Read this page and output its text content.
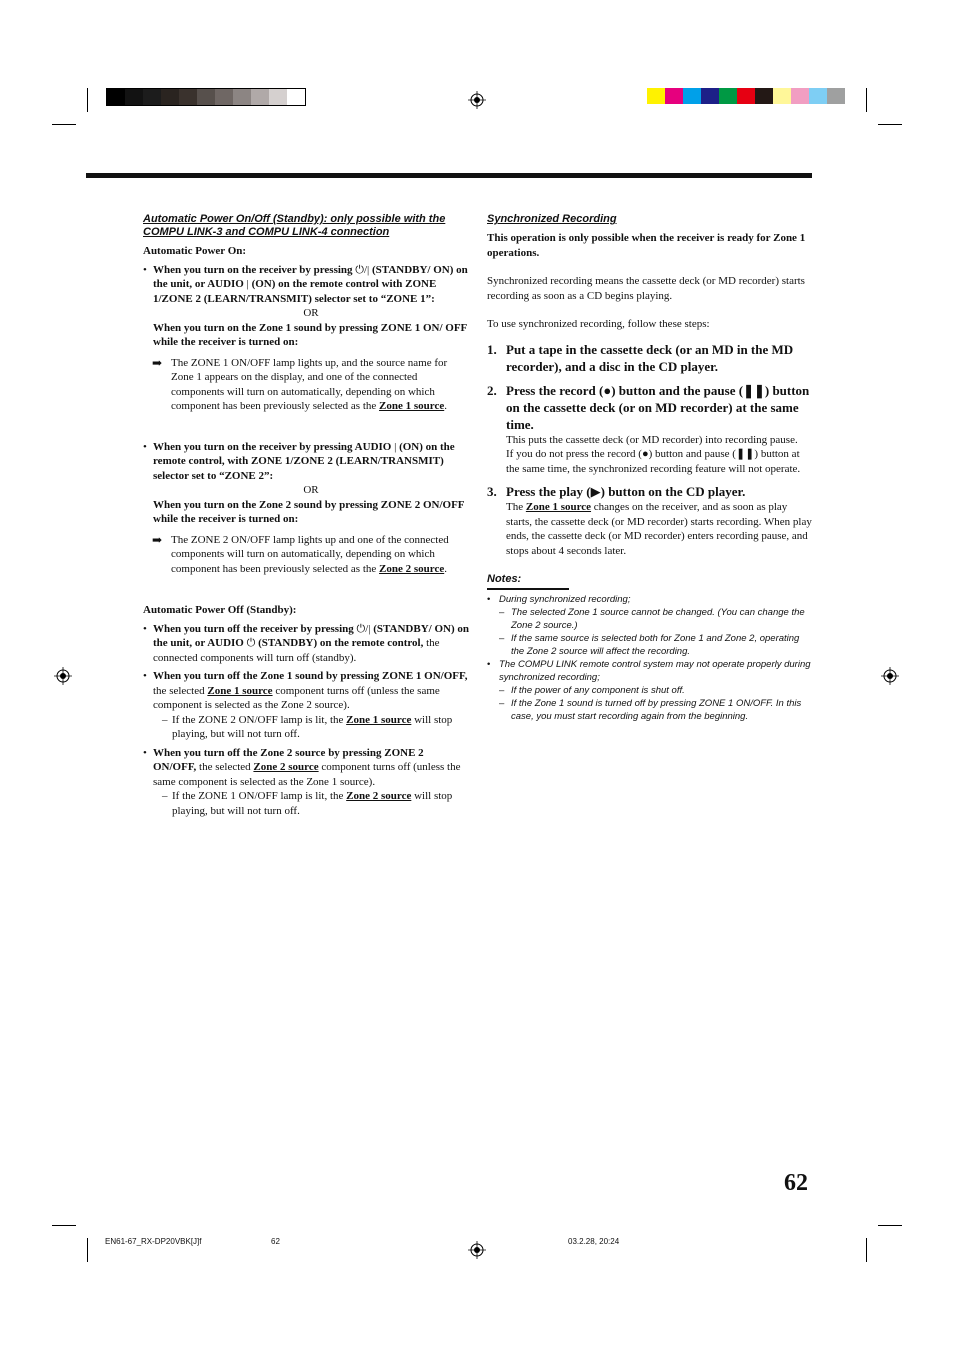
Automatic Power On/Off (Standby): only possible with the COMPU LINK-3 and COMPU LINK-4 connection
Automatic Power On:
• When you turn on the receiver by pressing ⏻/| (STANDBY/ ON) on the unit, or AUDIO | (ON) on the remote control with ZONE 1/ZONE 2 (LEARN/TRANSMIT) selector set to “ZONE 1”:
OR
When you turn on the Zone 1 sound by pressing ZONE 1 ON/ OFF while the receiver is turned on:
➡ The ZONE 1 ON/OFF lamp lights up, and the source name for Zone 1 appears on the display, and one of the connected components will turn on automatically, depending on which component has been previously selected as the Zone 1 source.
• When you turn on the receiver by pressing AUDIO | (ON) on the remote control, with ZONE 1/ZONE 2 (LEARN/TRANSMIT) selector set to “ZONE 2”:
OR
When you turn on the Zone 2 sound by pressing ZONE 2 ON/OFF while the receiver is turned on:
➡ The ZONE 2 ON/OFF lamp lights up and one of the connected components will turn on automatically, depending on which component has been previously selected as the Zone 2 source.
Automatic Power Off (Standby):
• When you turn off the receiver by pressing ⏻/| (STANDBY/ ON) on the unit, or AUDIO ⏻ (STANDBY) on the remote control, the connected components will turn off (standby).
• When you turn off the Zone 1 sound by pressing ZONE 1 ON/OFF, the selected Zone 1 source component turns off (unless the same component is selected as the Zone 2 source).
– If the ZONE 2 ON/OFF lamp is lit, the Zone 1 source will stop playing, but will not turn off.
• When you turn off the Zone 2 source by pressing ZONE 2 ON/OFF, the selected Zone 2 source component turns off (unless the same component is selected as the Zone 1 source).
– If the ZONE 1 ON/OFF lamp is lit, the Zone 2 source will stop playing, but will not turn off.
Synchronized Recording
This operation is only possible when the receiver is ready for Zone 1 operations.
Synchronized recording means the cassette deck (or MD recorder) starts recording as soon as a CD begins playing.
To use synchronized recording, follow these steps:
1. Put a tape in the cassette deck (or an MD in the MD recorder), and a disc in the CD player.
2. Press the record (●) button and the pause (❚❚) button on the cassette deck (or on MD recorder) at the same time.
This puts the cassette deck (or MD recorder) into recording pause.
If you do not press the record (●) button and pause (❚❚) button at the same time, the synchronized recording feature will not operate.
3. Press the play (▶) button on the CD player.
The Zone 1 source changes on the receiver, and as soon as play starts, the cassette deck (or MD recorder) starts recording. When play ends, the cassette deck (or MD recorder) enters recording pause, and stops about 4 seconds later.
Notes:
• During synchronized recording;
– The selected Zone 1 source cannot be changed. (You can change the Zone 2 source.)
– If the same source is selected both for Zone 1 and Zone 2, operating the Zone 2 source will affect the recording.
• The COMPU LINK remote control system may not operate properly during synchronized recording;
– If the power of any component is shut off.
– If the Zone 1 sound is turned off by pressing ZONE 1 ON/OFF. In this case, you must start recording again from the beginning.
62
EN61-67_RX-DP20VBK[J]f	62	03.2.28, 20:24
